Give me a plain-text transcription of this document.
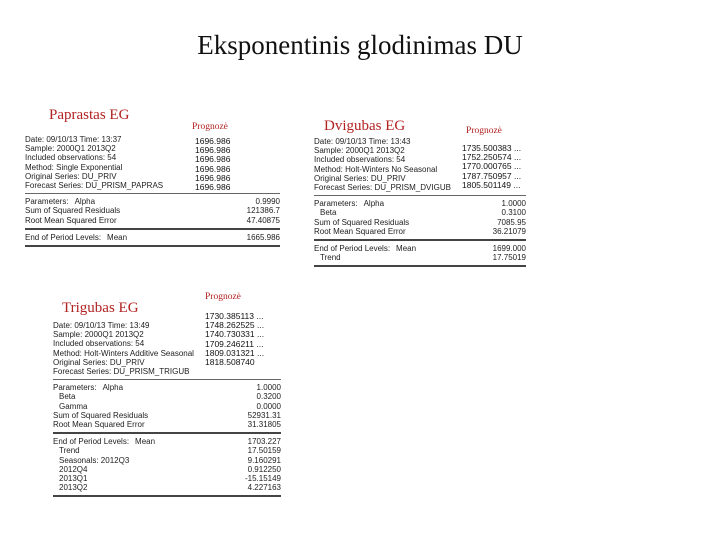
Eksponentinis glodinimas DU
Paprastas EG
Prognozė
Date: 09/10/13 Time: 13:37
Sample: 2000Q1 2013Q2
Included observations: 54
Method: Single Exponential
Original Series: DU_PRIV
Forecast Series: DU_PRISM_PAPRAS
Parameters: Alpha	0.9990
Sum of Squared Residuals	121386.7
Root Mean Squared Error	47.40875
End of Period Levels: Mean	1665.986
1696.986
1696.986
1696.986
1696.986
1696.986
1696.986
Dvigubas EG	Prognozė
Date: 09/10/13 Time: 13:43
Sample: 2000Q1 2013Q2
Included observations: 54
Method: Holt-Winters No Seasonal
Original Series: DU_PRIV
Forecast Series: DU_PRISM_DVIGUB
Parameters: Alpha	1.0000
Beta	0.3100
Sum of Squared Residuals	7085.95
Root Mean Squared Error	36.21079
End of Period Levels: Mean	1699.000
Trend	17.75019
1735.500383 ...
1752.250574 ...
1770.000765 ...
1787.750957 ...
1805.501149 ...
Trigubas EG
Prognozė
Date: 09/10/13 Time: 13:49
Sample: 2000Q1 2013Q2
Included observations: 54
Method: Holt-Winters Additive Seasonal
Original Series: DU_PRIV
Forecast Series: DU_PRISM_TRIGUB
Parameters: Alpha	1.0000
Beta	0.3200
Gamma	0.0000
Sum of Squared Residuals	52931.31
Root Mean Squared Error	31.31805
End of Period Levels: Mean	1703.227
Trend	17.50159
Seasonals: 2012Q3	9.160291
2012Q4	0.912250
2013Q1	-15.15149
2013Q2	4.227163
1730.385113 ...
1748.262525 ...
1740.730331 ...
1709.246211 ...
1809.031321 ...
1818.508740
